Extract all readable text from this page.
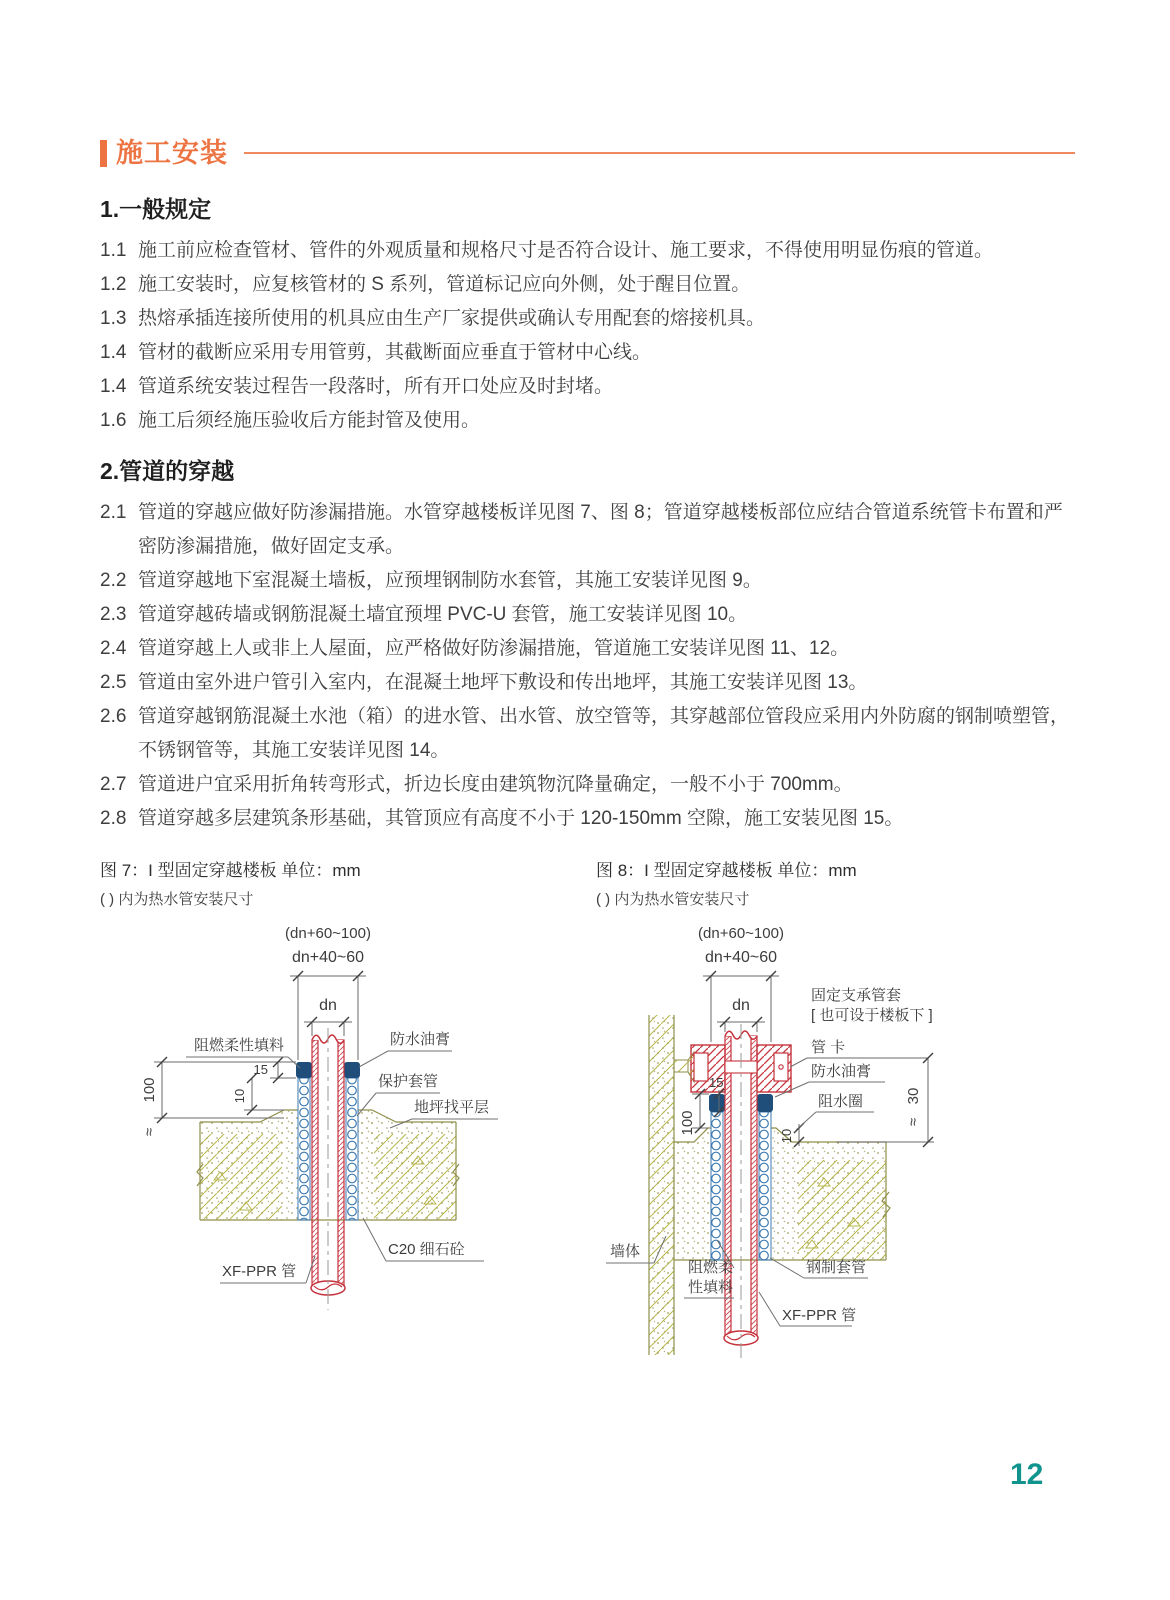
施工安装
1.一般规定
1.1 施工前应检查管材、管件的外观质量和规格尺寸是否符合设计、施工要求，不得使用明显伤痕的管道。
1.2 施工安装时，应复核管材的 S 系列，管道标记应向外侧，处于醒目位置。
1.3 热熔承插连接所使用的机具应由生产厂家提供或确认专用配套的熔接机具。
1.4 管材的截断应采用专用管剪，其截断面应垂直于管材中心线。
1.4 管道系统安装过程告一段落时，所有开口处应及时封堵。
1.6 施工后须经施压验收后方能封管及使用。
2.管道的穿越
2.1 管道的穿越应做好防渗漏措施。水管穿越楼板详见图 7、图 8；管道穿越楼板部位应结合管道系统管卡布置和严密防渗漏措施，做好固定支承。
2.2 管道穿越地下室混凝土墙板，应预埋钢制防水套管，其施工安装详见图 9。
2.3 管道穿越砖墙或钢筋混凝土墙宜预埋 PVC-U 套管，施工安装详见图 10。
2.4 管道穿越上人或非上人屋面，应严格做好防渗漏措施，管道施工安装详见图 11、12。
2.5 管道由室外进户管引入室内，在混凝土地坪下敷设和传出地坪，其施工安装详见图 13。
2.6 管道穿越钢筋混凝土水池（箱）的进水管、出水管、放空管等，其穿越部位管段应采用内外防腐的钢制喷塑管，不锈钢管等，其施工安装详见图 14。
2.7 管道进户宜采用折角转弯形式，折边长度由建筑物沉降量确定，一般不小于 700mm。
2.8 管道穿越多层建筑条形基础，其管顶应有高度不小于 120-150mm 空隙，施工安装见图 15。
图 7：I 型固定穿越楼板 单位：mm
( ) 内为热水管安装尺寸
(dn+60~100)
dn+40~60
dn
100
≈
15
10
阻燃柔性填料	防水油膏
保护套管
地坪找平层
C20 细石砼
XF-PPR 管
图 8：I 型固定穿越楼板 单位：mm
( ) 内为热水管安装尺寸
(dn+60~100)
dn+40~60
dn
30
≈
100
15
10
固定支承管套
[ 也可设于楼板下 ]
管 卡
防水油膏
阻水圈
墙体
阻燃柔
性填料
钢制套管
XF-PPR 管
12
